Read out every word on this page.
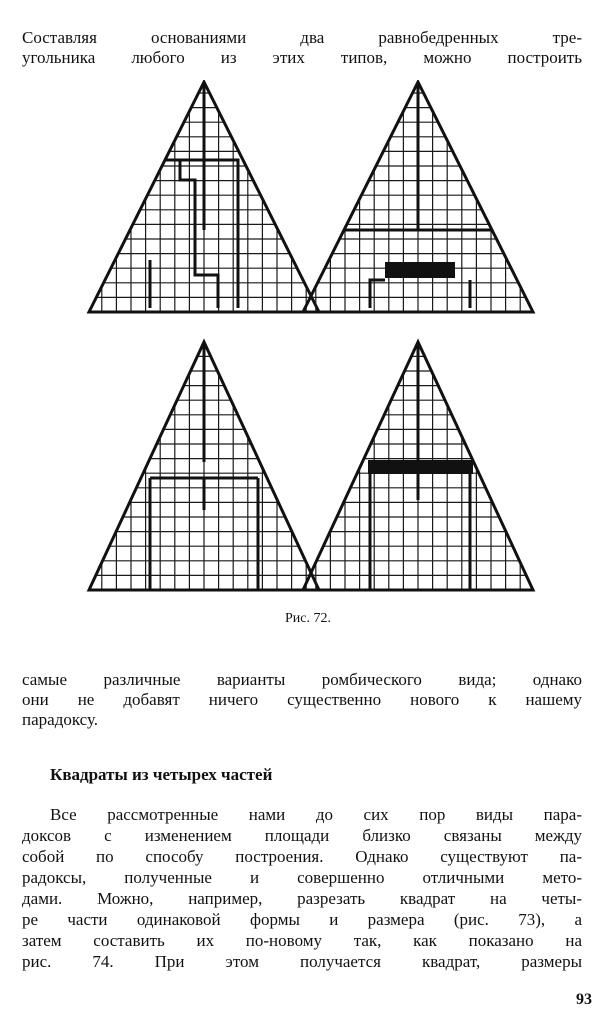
Составляя основаниями два равнобедренных тре-
угольника любого из этих типов, можно построить
Рис. 72.
самые различные варианты ромбического вида; однако
они не добавят ничего существенно нового к нашему
парадоксу.
Квадраты из четырех частей
Все рассмотренные нами до сих пор виды пара-
доксов с изменением площади близко связаны между
собой по способу построения. Однако существуют па-
радоксы, полученные и совершенно отличными мето-
дами. Можно, например, разрезать квадрат на четы-
ре части одинаковой формы и размера (рис. 73), а
затем составить их по-новому так, как показано на
рис. 74. При этом получается квадрат, размеры
93
